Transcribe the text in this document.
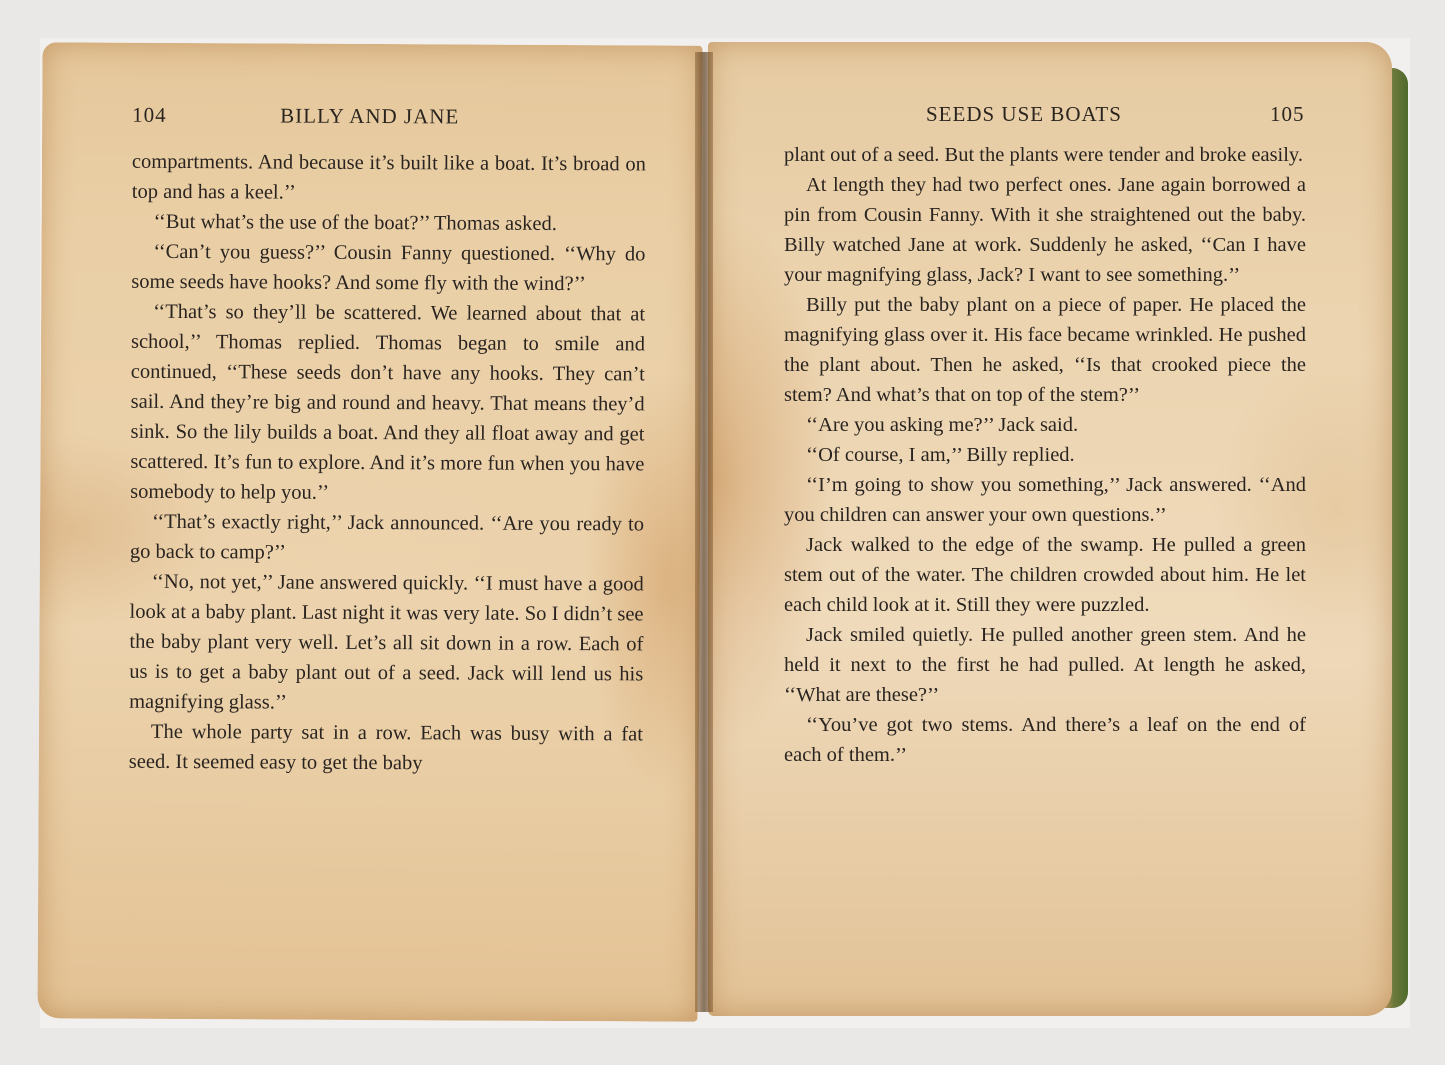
104	BILLY AND JANE

compartments. And because it’s built like a boat. It’s broad on top and has a keel.’’

‘‘But what’s the use of the boat?’’ Thomas asked.

‘‘Can’t you guess?’’ Cousin Fanny questioned. ‘‘Why do some seeds have hooks? And some fly with the wind?’’

‘‘That’s so they’ll be scattered. We learned about that at school,’’ Thomas replied. Thomas began to smile and continued, ‘‘These seeds don’t have any hooks. They can’t sail. And they’re big and round and heavy. That means they’d sink. So the lily builds a boat. And they all float away and get scattered. It’s fun to explore. And it’s more fun when you have somebody to help you.’’

‘‘That’s exactly right,’’ Jack announced. ‘‘Are you ready to go back to camp?’’

‘‘No, not yet,’’ Jane answered quickly. ‘‘I must have a good look at a baby plant. Last night it was very late. So I didn’t see the baby plant very well. Let’s all sit down in a row. Each of us is to get a baby plant out of a seed. Jack will lend us his magnifying glass.’’

The whole party sat in a row. Each was busy with a fat seed. It seemed easy to get the baby

SEEDS USE BOATS	105

plant out of a seed. But the plants were tender and broke easily.

At length they had two perfect ones. Jane again borrowed a pin from Cousin Fanny. With it she straightened out the baby. Billy watched Jane at work. Suddenly he asked, ‘‘Can I have your magnifying glass, Jack? I want to see something.’’

Billy put the baby plant on a piece of paper. He placed the magnifying glass over it. His face became wrinkled. He pushed the plant about. Then he asked, ‘‘Is that crooked piece the stem? And what’s that on top of the stem?’’

‘‘Are you asking me?’’ Jack said.

‘‘Of course, I am,’’ Billy replied.

‘‘I’m going to show you something,’’ Jack answered. ‘‘And you children can answer your own questions.’’

Jack walked to the edge of the swamp. He pulled a green stem out of the water. The children crowded about him. He let each child look at it. Still they were puzzled.

Jack smiled quietly. He pulled another green stem. And he held it next to the first he had pulled. At length he asked, ‘‘What are these?’’

‘‘You’ve got two stems. And there’s a leaf on the end of each of them.’’
